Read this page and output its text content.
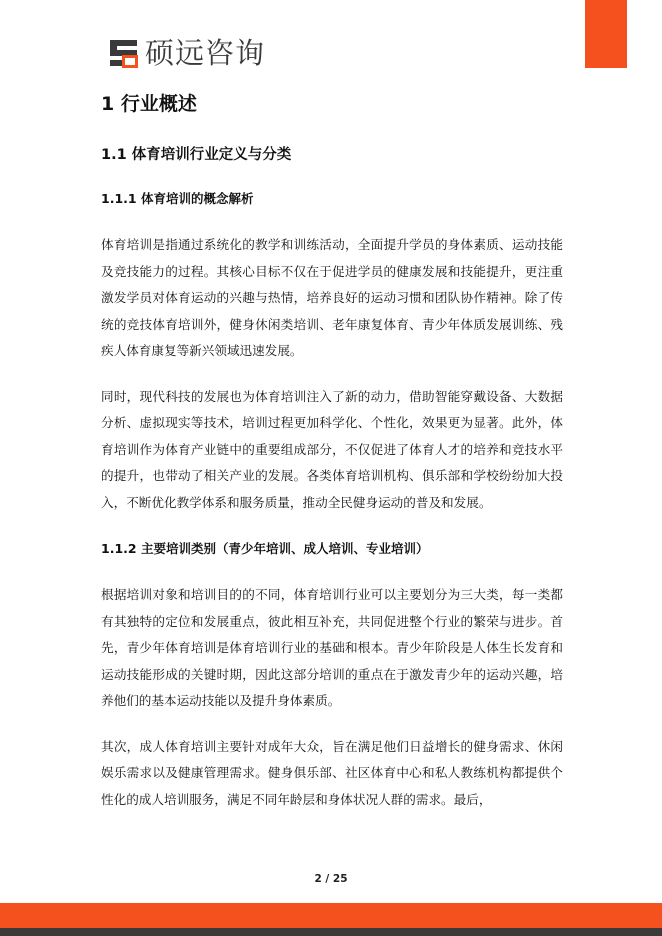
硕远咨询
1 行业概述
1.1 体育培训行业定义与分类
1.1.1 体育培训的概念解析

体育培训是指通过系统化的教学和训练活动，全面提升学员的身体素质、运动技能及竞技能力的过程。其核心目标不仅在于促进学员的健康发展和技能提升，更注重激发学员对体育运动的兴趣与热情，培养良好的运动习惯和团队协作精神。除了传统的竞技体育培训外，健身休闲类培训、老年康复体育、青少年体质发展训练、残疾人体育康复等新兴领域迅速发展。

同时，现代科技的发展也为体育培训注入了新的动力，借助智能穿戴设备、大数据分析、虚拟现实等技术，培训过程更加科学化、个性化，效果更为显著。此外，体育培训作为体育产业链中的重要组成部分，不仅促进了体育人才的培养和竞技水平的提升，也带动了相关产业的发展。各类体育培训机构、俱乐部和学校纷纷加大投入，不断优化教学体系和服务质量，推动全民健身运动的普及和发展。

1.1.2 主要培训类别（青少年培训、成人培训、专业培训）

根据培训对象和培训目的的不同，体育培训行业可以主要划分为三大类，每一类都有其独特的定位和发展重点，彼此相互补充，共同促进整个行业的繁荣与进步。首先，青少年体育培训是体育培训行业的基础和根本。青少年阶段是人体生长发育和运动技能形成的关键时期，因此这部分培训的重点在于激发青少年的运动兴趣，培养他们的基本运动技能以及提升身体素质。

其次，成人体育培训主要针对成年大众，旨在满足他们日益增长的健身需求、休闲娱乐需求以及健康管理需求。健身俱乐部、社区体育中心和私人教练机构都提供个性化的成人培训服务，满足不同年龄层和身体状况人群的需求。最后，

2 / 25
